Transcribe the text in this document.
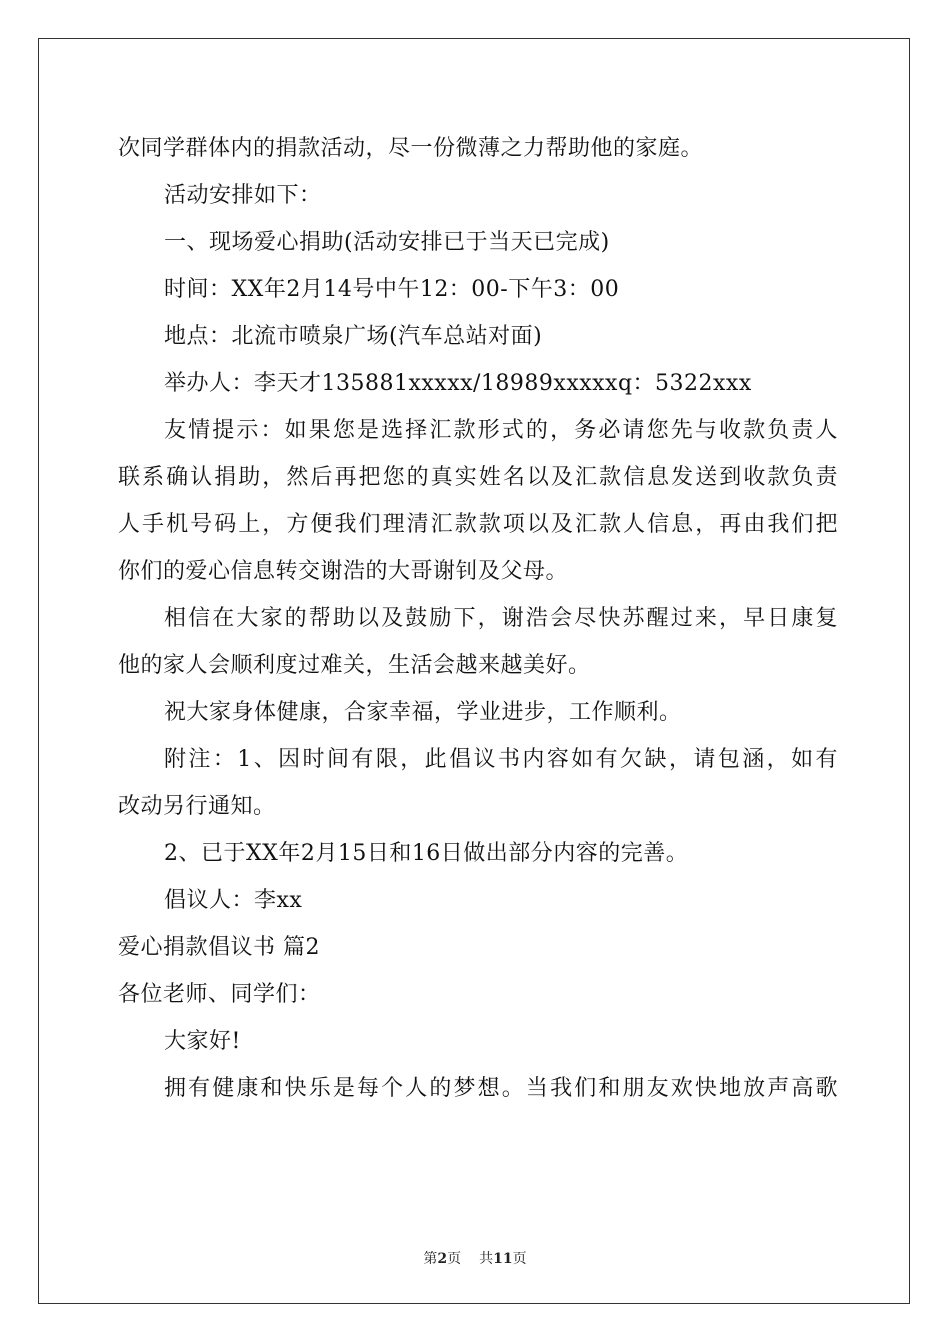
次同学群体内的捐款活动，尽一份微薄之力帮助他的家庭。
活动安排如下：
一、现场爱心捐助(活动安排已于当天已完成)
时间：XX年2月14号中午12：00-下午3：00
地点：北流市喷泉广场(汽车总站对面)
举办人：李天才135881xxxxx/18989xxxxxq：5322xxx
友情提示：如果您是选择汇款形式的，务必请您先与收款负责人
联系确认捐助，然后再把您的真实姓名以及汇款信息发送到收款负责
人手机号码上，方便我们理清汇款款项以及汇款人信息，再由我们把
你们的爱心信息转交谢浩的大哥谢钊及父母。
相信在大家的帮助以及鼓励下，谢浩会尽快苏醒过来，早日康复
他的家人会顺利度过难关，生活会越来越美好。
祝大家身体健康，合家幸福，学业进步，工作顺利。
附注：1、因时间有限，此倡议书内容如有欠缺，请包涵，如有
改动另行通知。
2、已于XX年2月15日和16日做出部分内容的完善。
倡议人：李xx
爱心捐款倡议书 篇2
各位老师、同学们：
大家好!
拥有健康和快乐是每个人的梦想。当我们和朋友欢快地放声高歌
第2页 共11页
